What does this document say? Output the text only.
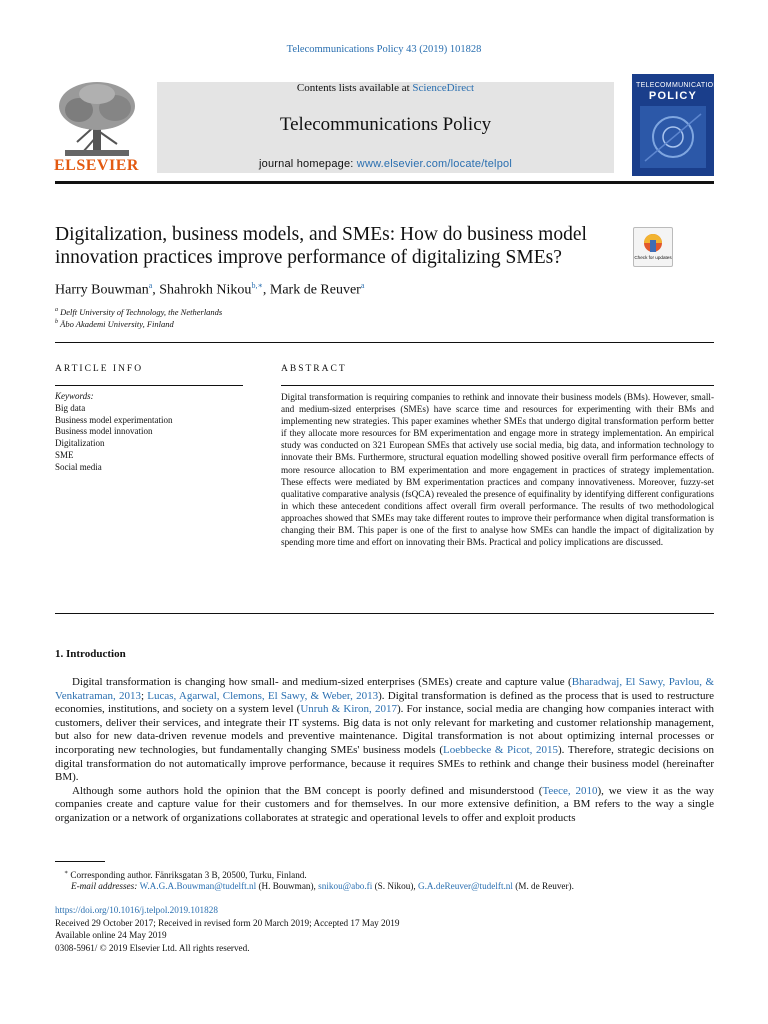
Telecommunications Policy 43 (2019) 101828
ELSEVIER
Contents lists available at ScienceDirect
Telecommunications Policy
journal homepage: www.elsevier.com/locate/telpol
TELECOMMUNICATIONS
POLICY
Digitalization, business models, and SMEs: How do business model innovation practices improve performance of digitalizing SMEs?	Check for updates
Harry Bouwman$^a$, Shahrokh Nikou$^{b,∗}$, Mark de Reuver$^a$
$^a$ Delft University of Technology, the Netherlands
$^b$ Åbo Akademi University, Finland
ARTICLE INFO
Keywords:
Big data
Business model experimentation
Business model innovation
Digitalization
SME
Social media
ABSTRACT
Digital transformation is requiring companies to rethink and innovate their business models (BMs). However, small- and medium-sized enterprises (SMEs) have scarce time and resources for experimenting with their BMs and implementing new strategies. This paper examines whether SMEs that undergo digital transformation perform better if they allocate more resources for BM experimentation and engage more in strategy implementation. An empirical study was conducted on 321 European SMEs that actively use social media, big data, and information technology to innovate their BMs. Furthermore, structural equation modelling showed positive overall firm performance effects of more resource allocation to BM experimentation and more engagement in practices of strategy implementation. These effects were mediated by BM experimentation practices and company innovativeness. Moreover, fuzzy-set qualitative comparative analysis (fsQCA) revealed the presence of equifinality by identifying different configurations in which these antecedent conditions affect overall firm overall performance. The results of two methodological approaches showed that SMEs may take different routes to improve their performance when digital transformation is changing their BM. This paper is one of the first to analyse how SMEs can handle the impact of digitalization by spending more time and effort on innovating their BMs. Practical and policy implications are discussed.
1. Introduction

Digital transformation is changing how small- and medium-sized enterprises (SMEs) create and capture value (Bharadwaj, El Sawy, Pavlou, & Venkatraman, 2013; Lucas, Agarwal, Clemons, El Sawy, & Weber, 2013). Digital transformation is defined as the process that is used to restructure economies, institutions, and society on a system level (Unruh & Kiron, 2017). For instance, social media are changing how companies interact with customers, deliver their services, and integrate their IT systems. Big data is not only relevant for marketing and customer relationship management, but also for new data-driven revenue models and preventive maintenance. Digital transformation is not about optimizing internal processes or incorporating new technologies, but fundamentally changing SMEs' business models (Loebbecke & Picot, 2015). Therefore, strategic decisions on digital transformation do not automatically improve performance, because it requires SMEs to rethink and change their business model (hereinafter BM).

Although some authors hold the opinion that the BM concept is poorly defined and misunderstood (Teece, 2010), we view it as the way companies create and capture value for their customers and for themselves. In our more extensive definition, a BM refers to the way a single organization or a network of organizations collaborates at strategic and operational levels to offer and exploit products

∗ Corresponding author. Fänriksgatan 3 B, 20500, Turku, Finland.
E-mail addresses: W.A.G.A.Bouwman@tudelft.nl (H. Bouwman), snikou@abo.fi (S. Nikou), G.A.deReuver@tudelft.nl (M. de Reuver).
https://doi.org/10.1016/j.telpol.2019.101828
Received 29 October 2017; Received in revised form 20 March 2019; Accepted 17 May 2019
Available online 24 May 2019
0308-5961/ © 2019 Elsevier Ltd. All rights reserved.
